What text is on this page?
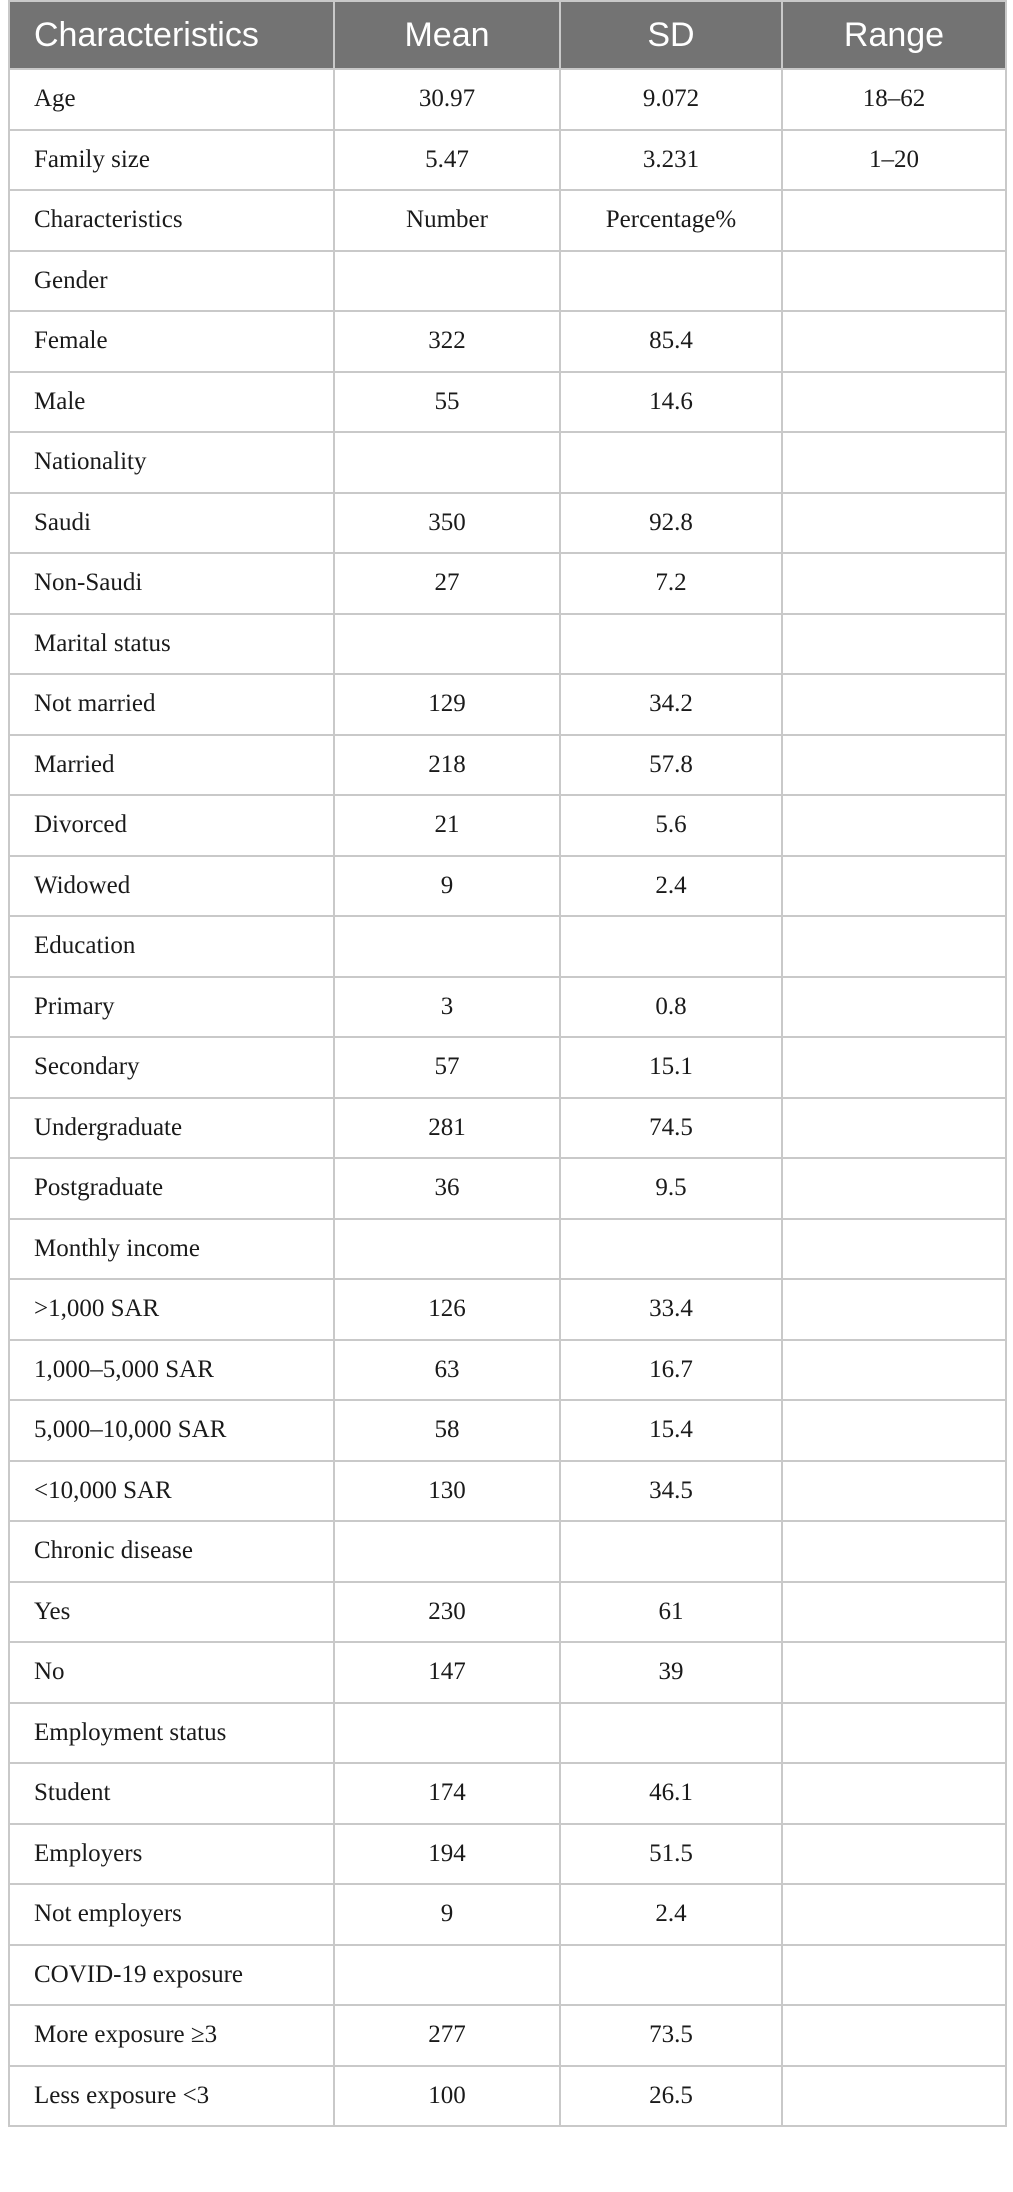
Characteristics	Mean	SD	Range
Age	30.97	9.072	18–62
Family size	5.47	3.231	1–20
Characteristics	Number	Percentage%	
Gender			
Female	322	85.4	
Male	55	14.6	
Nationality			
Saudi	350	92.8	
Non-Saudi	27	7.2	
Marital status			
Not married	129	34.2	
Married	218	57.8	
Divorced	21	5.6	
Widowed	9	2.4	
Education			
Primary	3	0.8	
Secondary	57	15.1	
Undergraduate	281	74.5	
Postgraduate	36	9.5	
Monthly income			
>1,000 SAR	126	33.4	
1,000–5,000 SAR	63	16.7	
5,000–10,000 SAR	58	15.4	
<10,000 SAR	130	34.5	
Chronic disease			
Yes	230	61	
No	147	39	
Employment status			
Student	174	46.1	
Employers	194	51.5	
Not employers	9	2.4	
COVID-19 exposure			
More exposure ≥3	277	73.5	
Less exposure <3	100	26.5	
